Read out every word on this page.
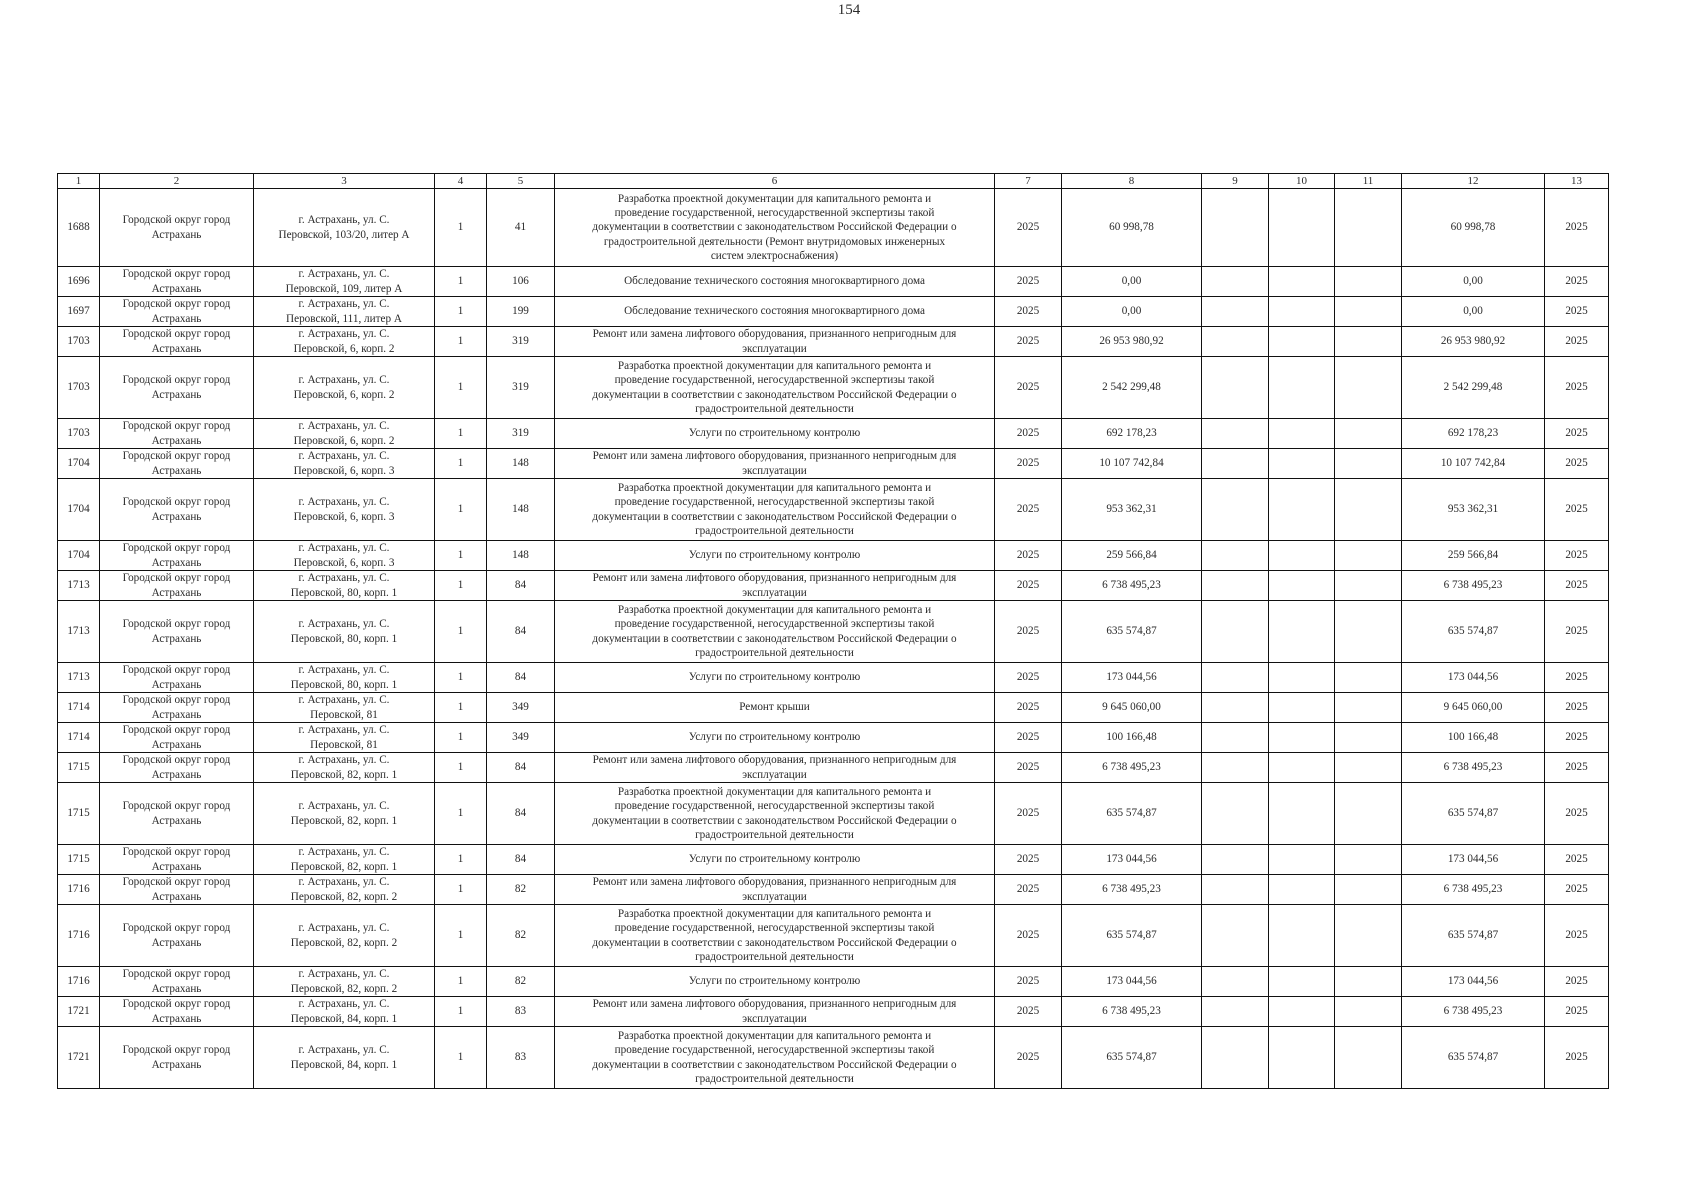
154
1	2	3	4	5	6	7	8	9	10	11	12	13
1688	Городской округ город
Астрахань	г. Астрахань, ул. С.
Перовской, 103/20, литер А	1	41	Разработка проектной документации для капитального ремонта и
проведение государственной, негосударственной экспертизы такой
документации в соответствии с законодательством Российской Федерации о
градостроительной деятельности (Ремонт внутридомовых инженерных
систем электроснабжения)	2025	60 998,78				60 998,78	2025
1696	Городской округ город
Астрахань	г. Астрахань, ул. С.
Перовской, 109, литер А	1	106	Обследование технического состояния многоквартирного дома	2025	0,00				0,00	2025
1697	Городской округ город
Астрахань	г. Астрахань, ул. С.
Перовской, 111, литер А	1	199	Обследование технического состояния многоквартирного дома	2025	0,00				0,00	2025
1703	Городской округ город
Астрахань	г. Астрахань, ул. С.
Перовской, 6, корп. 2	1	319	Ремонт или замена лифтового оборудования, признанного непригодным для
эксплуатации	2025	26 953 980,92				26 953 980,92	2025
1703	Городской округ город
Астрахань	г. Астрахань, ул. С.
Перовской, 6, корп. 2	1	319	Разработка проектной документации для капитального ремонта и
проведение государственной, негосударственной экспертизы такой
документации в соответствии с законодательством Российской Федерации о
градостроительной деятельности	2025	2 542 299,48				2 542 299,48	2025
1703	Городской округ город
Астрахань	г. Астрахань, ул. С.
Перовской, 6, корп. 2	1	319	Услуги по строительному контролю	2025	692 178,23				692 178,23	2025
1704	Городской округ город
Астрахань	г. Астрахань, ул. С.
Перовской, 6, корп. 3	1	148	Ремонт или замена лифтового оборудования, признанного непригодным для
эксплуатации	2025	10 107 742,84				10 107 742,84	2025
1704	Городской округ город
Астрахань	г. Астрахань, ул. С.
Перовской, 6, корп. 3	1	148	Разработка проектной документации для капитального ремонта и
проведение государственной, негосударственной экспертизы такой
документации в соответствии с законодательством Российской Федерации о
градостроительной деятельности	2025	953 362,31				953 362,31	2025
1704	Городской округ город
Астрахань	г. Астрахань, ул. С.
Перовской, 6, корп. 3	1	148	Услуги по строительному контролю	2025	259 566,84				259 566,84	2025
1713	Городской округ город
Астрахань	г. Астрахань, ул. С.
Перовской, 80, корп. 1	1	84	Ремонт или замена лифтового оборудования, признанного непригодным для
эксплуатации	2025	6 738 495,23				6 738 495,23	2025
1713	Городской округ город
Астрахань	г. Астрахань, ул. С.
Перовской, 80, корп. 1	1	84	Разработка проектной документации для капитального ремонта и
проведение государственной, негосударственной экспертизы такой
документации в соответствии с законодательством Российской Федерации о
градостроительной деятельности	2025	635 574,87				635 574,87	2025
1713	Городской округ город
Астрахань	г. Астрахань, ул. С.
Перовской, 80, корп. 1	1	84	Услуги по строительному контролю	2025	173 044,56				173 044,56	2025
1714	Городской округ город
Астрахань	г. Астрахань, ул. С.
Перовской, 81	1	349	Ремонт крыши	2025	9 645 060,00				9 645 060,00	2025
1714	Городской округ город
Астрахань	г. Астрахань, ул. С.
Перовской, 81	1	349	Услуги по строительному контролю	2025	100 166,48				100 166,48	2025
1715	Городской округ город
Астрахань	г. Астрахань, ул. С.
Перовской, 82, корп. 1	1	84	Ремонт или замена лифтового оборудования, признанного непригодным для
эксплуатации	2025	6 738 495,23				6 738 495,23	2025
1715	Городской округ город
Астрахань	г. Астрахань, ул. С.
Перовской, 82, корп. 1	1	84	Разработка проектной документации для капитального ремонта и
проведение государственной, негосударственной экспертизы такой
документации в соответствии с законодательством Российской Федерации о
градостроительной деятельности	2025	635 574,87				635 574,87	2025
1715	Городской округ город
Астрахань	г. Астрахань, ул. С.
Перовской, 82, корп. 1	1	84	Услуги по строительному контролю	2025	173 044,56				173 044,56	2025
1716	Городской округ город
Астрахань	г. Астрахань, ул. С.
Перовской, 82, корп. 2	1	82	Ремонт или замена лифтового оборудования, признанного непригодным для
эксплуатации	2025	6 738 495,23				6 738 495,23	2025
1716	Городской округ город
Астрахань	г. Астрахань, ул. С.
Перовской, 82, корп. 2	1	82	Разработка проектной документации для капитального ремонта и
проведение государственной, негосударственной экспертизы такой
документации в соответствии с законодательством Российской Федерации о
градостроительной деятельности	2025	635 574,87				635 574,87	2025
1716	Городской округ город
Астрахань	г. Астрахань, ул. С.
Перовской, 82, корп. 2	1	82	Услуги по строительному контролю	2025	173 044,56				173 044,56	2025
1721	Городской округ город
Астрахань	г. Астрахань, ул. С.
Перовской, 84, корп. 1	1	83	Ремонт или замена лифтового оборудования, признанного непригодным для
эксплуатации	2025	6 738 495,23				6 738 495,23	2025
1721	Городской округ город
Астрахань	г. Астрахань, ул. С.
Перовской, 84, корп. 1	1	83	Разработка проектной документации для капитального ремонта и
проведение государственной, негосударственной экспертизы такой
документации в соответствии с законодательством Российской Федерации о
градостроительной деятельности	2025	635 574,87				635 574,87	2025
